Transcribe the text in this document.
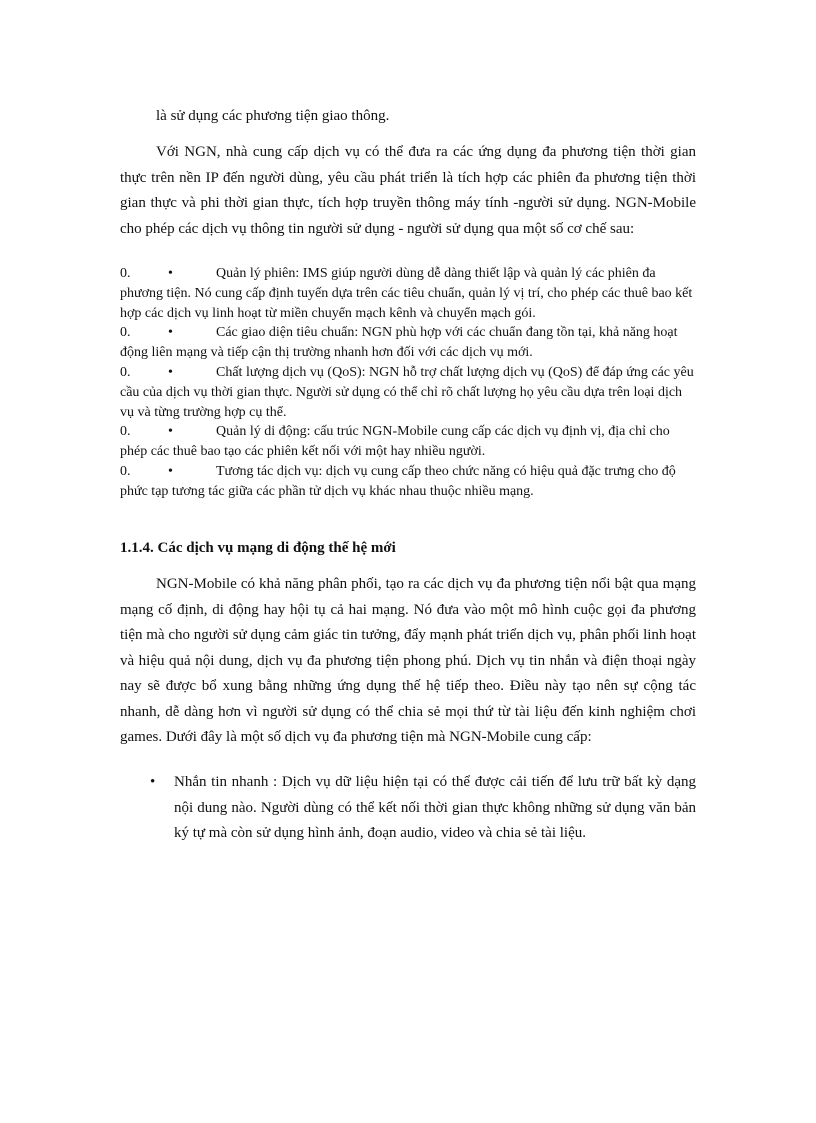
là sử dụng các phương tiện giao thông.

Với NGN, nhà cung cấp dịch vụ có thể đưa ra các ứng dụng đa phương tiện thời gian thực trên nền IP đến người dùng, yêu cầu phát triển là tích hợp các phiên đa phương tiện thời gian thực và phi thời gian thực, tích hợp truyền thông máy tính -người sử dụng. NGN-Mobile cho phép các dịch vụ thông tin người sử dụng - người sử dụng qua một số cơ chế sau:

0.	•	Quản lý phiên: IMS giúp người dùng dễ dàng thiết lập và quản lý các phiên đa phương tiện. Nó cung cấp định tuyến dựa trên các tiêu chuẩn, quản lý vị trí, cho phép các thuê bao kết hợp các dịch vụ linh hoạt từ miền chuyển mạch kênh và chuyển mạch gói.
0.	•	Các giao diện tiêu chuẩn: NGN phù hợp với các chuẩn đang tồn tại, khả năng hoạt động liên mạng và tiếp cận thị trường nhanh hơn đối với các dịch vụ mới.
0.	•	Chất lượng dịch vụ (QoS): NGN hỗ trợ chất lượng dịch vụ (QoS) để đáp ứng các yêu cầu của dịch vụ thời gian thực. Người sử dụng có thể chỉ rõ chất lượng họ yêu cầu dựa trên loại dịch vụ và từng trường hợp cụ thể.
0.	•	Quản lý di động: cấu trúc NGN-Mobile cung cấp các dịch vụ định vị, địa chỉ cho phép các thuê bao tạo các phiên kết nối với một hay nhiều người.
0.	•	Tương tác dịch vụ: dịch vụ cung cấp theo chức năng có hiệu quả đặc trưng cho độ phức tạp tương tác giữa các phần tử dịch vụ khác nhau thuộc nhiều mạng.
1.1.4. Các dịch vụ mạng di động thế hệ mới

NGN-Mobile có khả năng phân phối, tạo ra các dịch vụ đa phương tiện nổi bật qua mạng mạng cố định, di động hay hội tụ cả hai mạng. Nó đưa vào một mô hình cuộc gọi đa phương tiện mà cho người sử dụng cảm giác tin tưởng, đẩy mạnh phát triển dịch vụ, phân phối linh hoạt và hiệu quả nội dung, dịch vụ đa phương tiện phong phú. Dịch vụ tin nhắn và điện thoại ngày nay sẽ được bổ xung bằng những ứng dụng thế hệ tiếp theo. Điều này tạo nên sự cộng tác nhanh, dễ dàng hơn vì người sử dụng có thể chia sẻ mọi thứ từ tài liệu đến kinh nghiệm chơi games. Dưới đây là một số dịch vụ đa phương tiện mà NGN-Mobile cung cấp:

• Nhắn tin nhanh : Dịch vụ dữ liệu hiện tại có thể được cải tiến để lưu trữ bất kỳ dạng nội dung nào. Người dùng có thể kết nối thời gian thực không những sử dụng văn bản ký tự mà còn sử dụng hình ảnh, đoạn audio, video và chia sẻ tài liệu.
